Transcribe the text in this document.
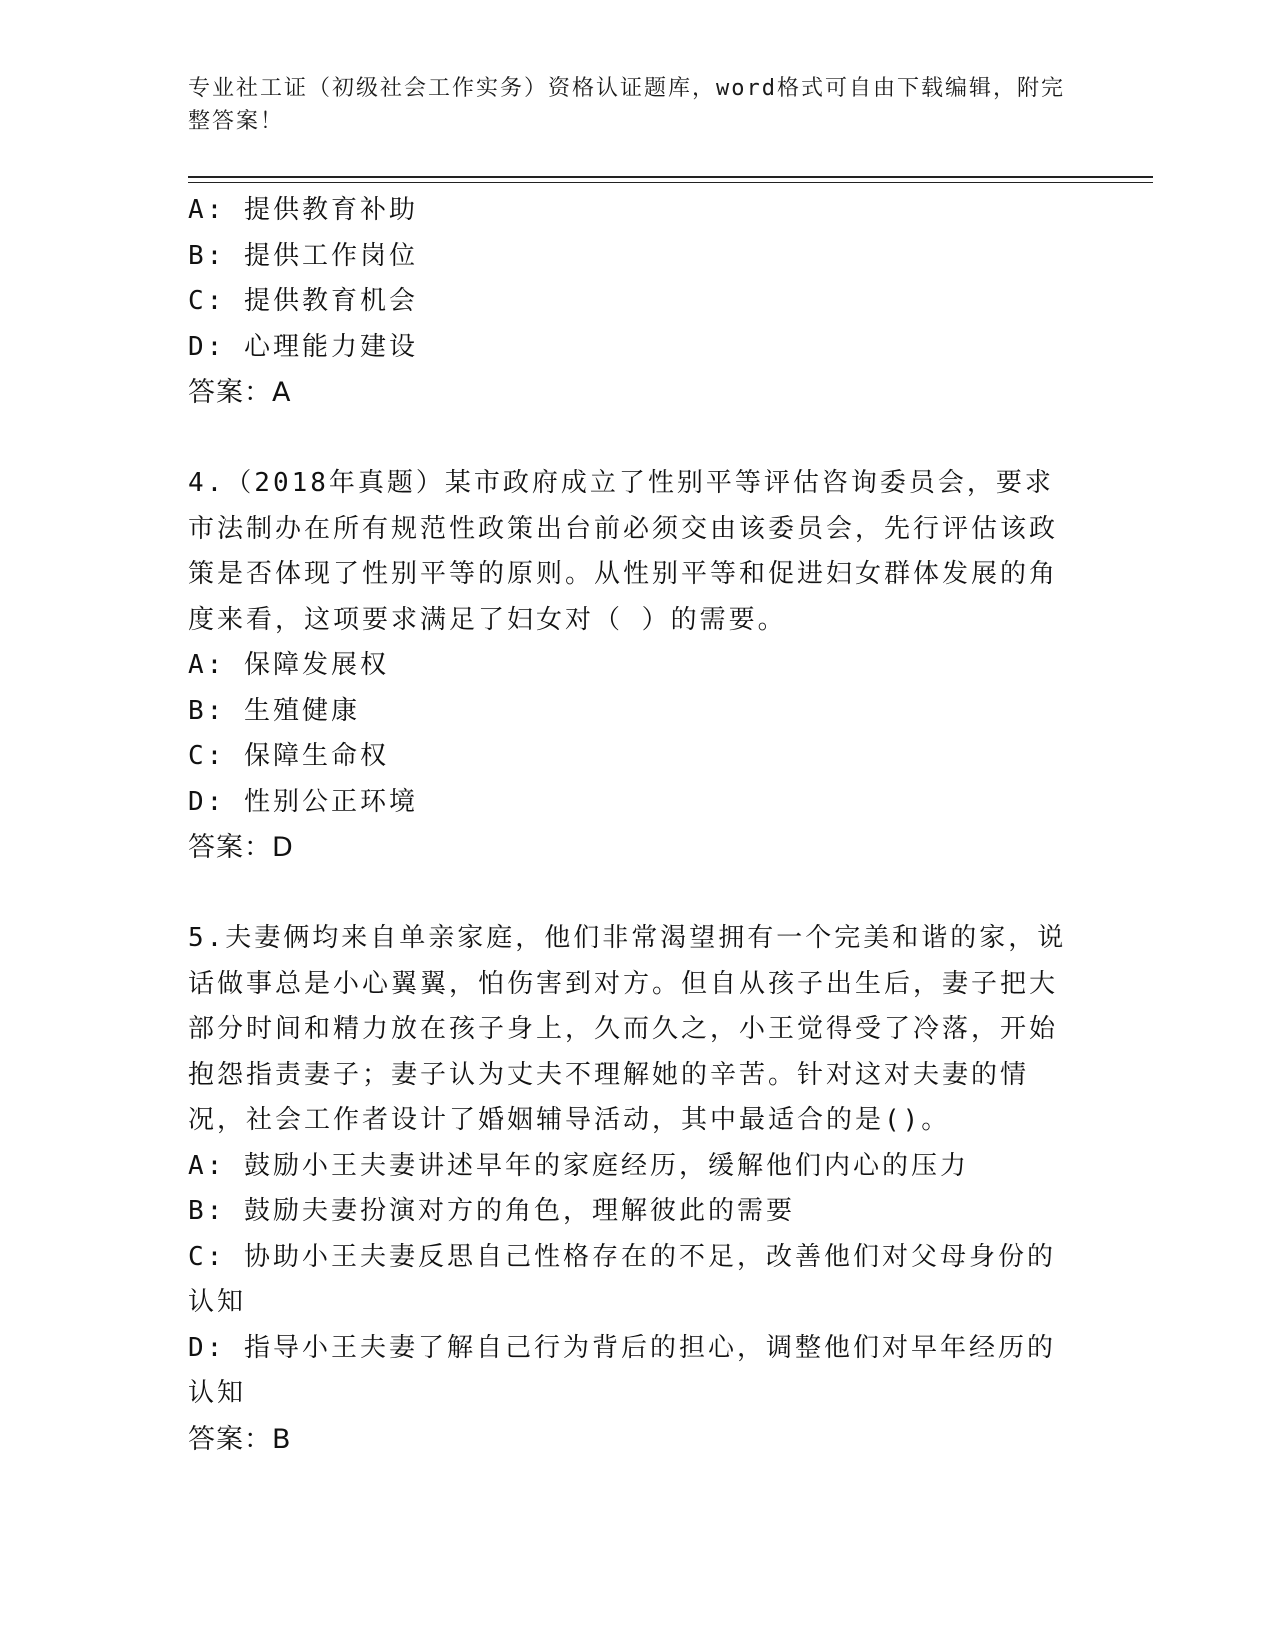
专业社工证（初级社会工作实务）资格认证题库，word格式可自由下载编辑，附完整答案！
A: 提供教育补助
B: 提供工作岗位
C: 提供教育机会
D: 心理能力建设
答案：A
4.（2018年真题）某市政府成立了性别平等评估咨询委员会，要求市法制办在所有规范性政策出台前必须交由该委员会，先行评估该政策是否体现了性别平等的原则。从性别平等和促进妇女群体发展的角度来看，这项要求满足了妇女对（ ）的需要。
A: 保障发展权
B: 生殖健康
C: 保障生命权
D: 性别公正环境
答案：D
5.夫妻俩均来自单亲家庭，他们非常渴望拥有一个完美和谐的家，说话做事总是小心翼翼，怕伤害到对方。但自从孩子出生后，妻子把大部分时间和精力放在孩子身上，久而久之，小王觉得受了冷落，开始抱怨指责妻子；妻子认为丈夫不理解她的辛苦。针对这对夫妻的情况，社会工作者设计了婚姻辅导活动，其中最适合的是()。
A: 鼓励小王夫妻讲述早年的家庭经历，缓解他们内心的压力
B: 鼓励夫妻扮演对方的角色，理解彼此的需要
C: 协助小王夫妻反思自己性格存在的不足，改善他们对父母身份的认知
D: 指导小王夫妻了解自己行为背后的担心，调整他们对早年经历的认知
答案：B
